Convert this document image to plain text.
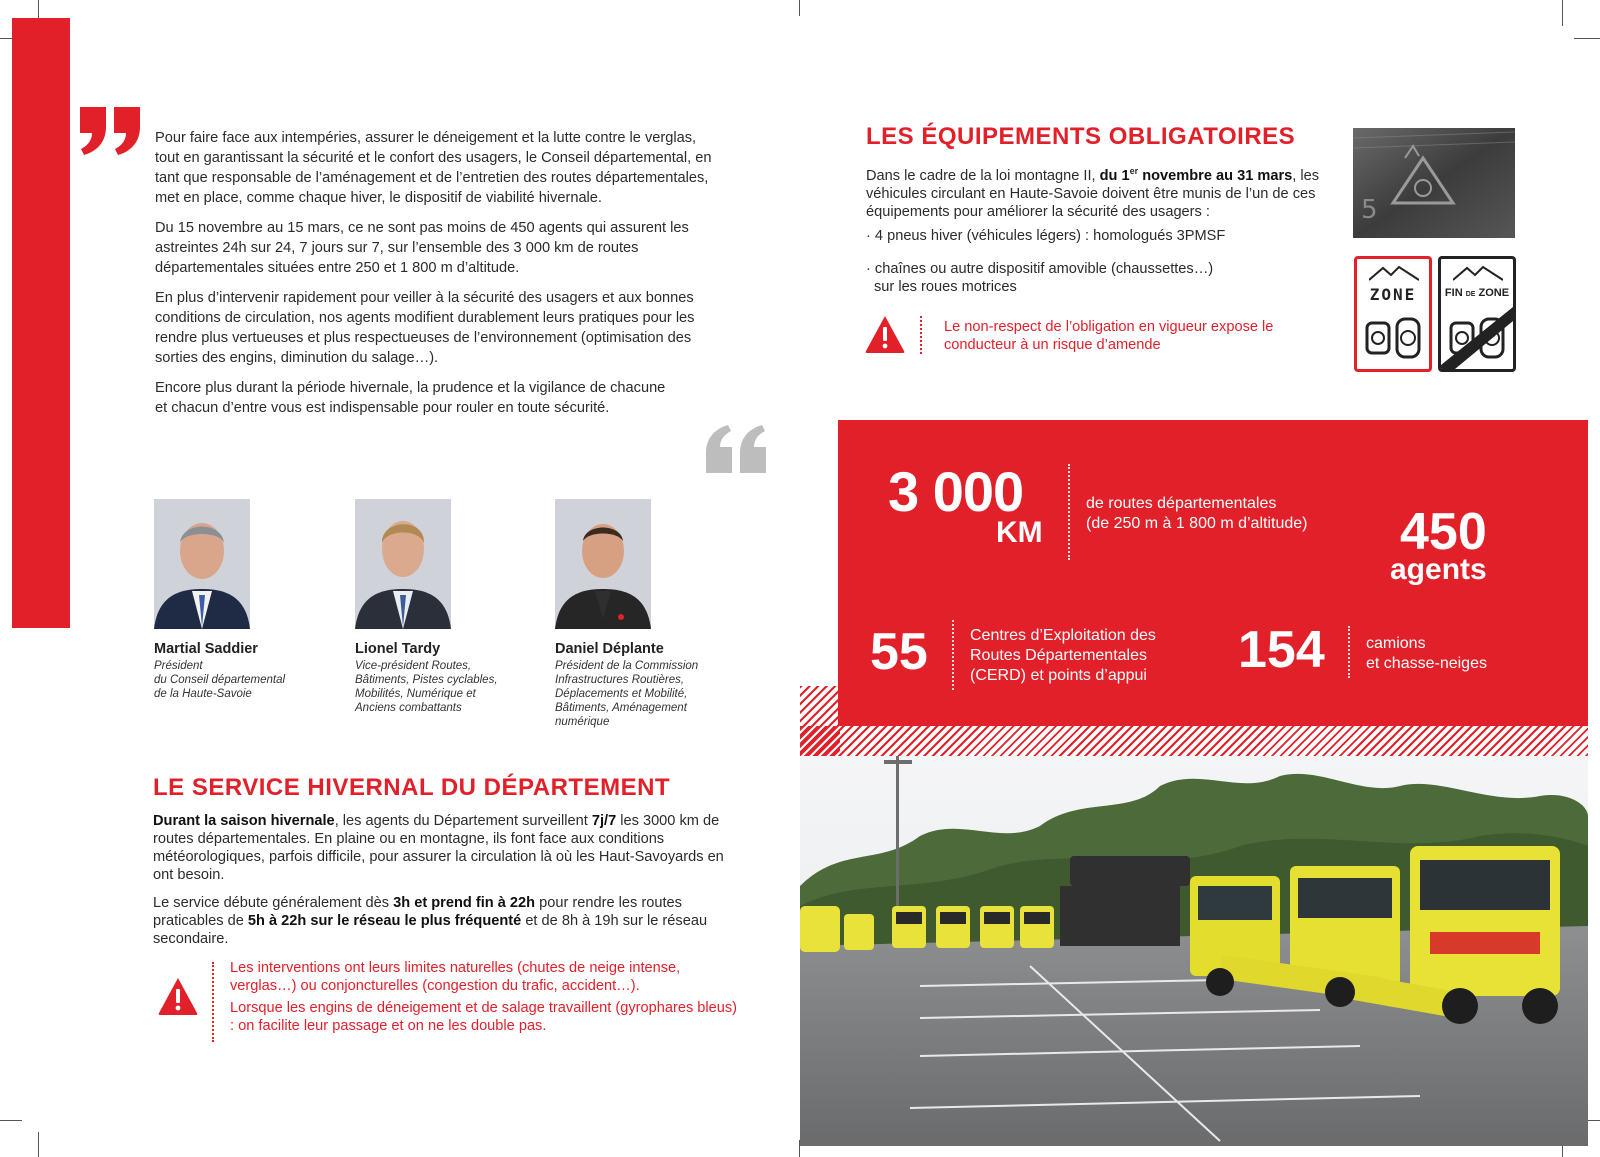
Pour faire face aux intempéries, assurer le déneigement et la lutte contre le verglas, tout en garantissant la sécurité et le confort des usagers, le Conseil départemental, en tant que responsable de l’aménagement et de l’entretien des routes départementales, met en place, comme chaque hiver, le dispositif de viabilité hivernale.

Du 15 novembre au 15 mars, ce ne sont pas moins de 450 agents qui assurent les astreintes 24h sur 24, 7 jours sur 7, sur l’ensemble des 3 000 km de routes départementales situées entre 250 et 1 800 m d’altitude.

En plus d’intervenir rapidement pour veiller à la sécurité des usagers et aux bonnes conditions de circulation, nos agents modifient durablement leurs pratiques pour les rendre plus vertueuses et plus respectueuses de l’environnement (optimisation des sorties des engins, diminution du salage…).

Encore plus durant la période hivernale, la prudence et la vigilance de chacune et chacun d’entre vous est indispensable pour rouler en toute sécurité.

Martial Saddier
Président
du Conseil départemental
de la Haute-Savoie
Lionel Tardy
Vice-président Routes,
Bâtiments, Pistes cyclables,
Mobilités, Numérique et
Anciens combattants
Daniel Déplante
Président de la Commission
Infrastructures Routières,
Déplacements et Mobilité,
Bâtiments, Aménagement
numérique
LE SERVICE HIVERNAL DU DÉPARTEMENT

Durant la saison hivernale, les agents du Département surveillent 7j/7 les 3000 km de routes départementales. En plaine ou en montagne, ils font face aux conditions météorologiques, parfois difficile, pour assurer la circulation là où les Haut-Savoyards en ont besoin.

Le service débute généralement dès 3h et prend fin à 22h pour rendre les routes praticables de 5h à 22h sur le réseau le plus fréquenté et de 8h à 19h sur le réseau secondaire.

Les interventions ont leurs limites naturelles (chutes de neige intense, verglas…) ou conjoncturelles (congestion du trafic, accident…).

Lorsque les engins de déneigement et de salage travaillent (gyrophares bleus) : on facilite leur passage et on ne les double pas.

LES ÉQUIPEMENTS OBLIGATOIRES
Dans le cadre de la loi montagne II, du 1er novembre au 31 mars, les véhicules circulant en Haute-Savoie doivent être munis de l’un de ces équipements pour améliorer la sécurité des usagers :
· 4 pneus hiver (véhicules légers) : homologués 3PMSF
· chaînes ou autre dispositif amovible (chaussettes…)
sur les roues motrices
Le non-respect de l’obligation en vigueur expose le conducteur à un risque d’amende
5
ZONE	FIN DE ZONE
3 000
KM
de routes départementales
(de 250 m à 1 800 m d’altitude)	450
agents
55	Centres d’Exploitation des
Routes Départementales
(CERD) et points d’appui	154	camions
et chasse-neiges
